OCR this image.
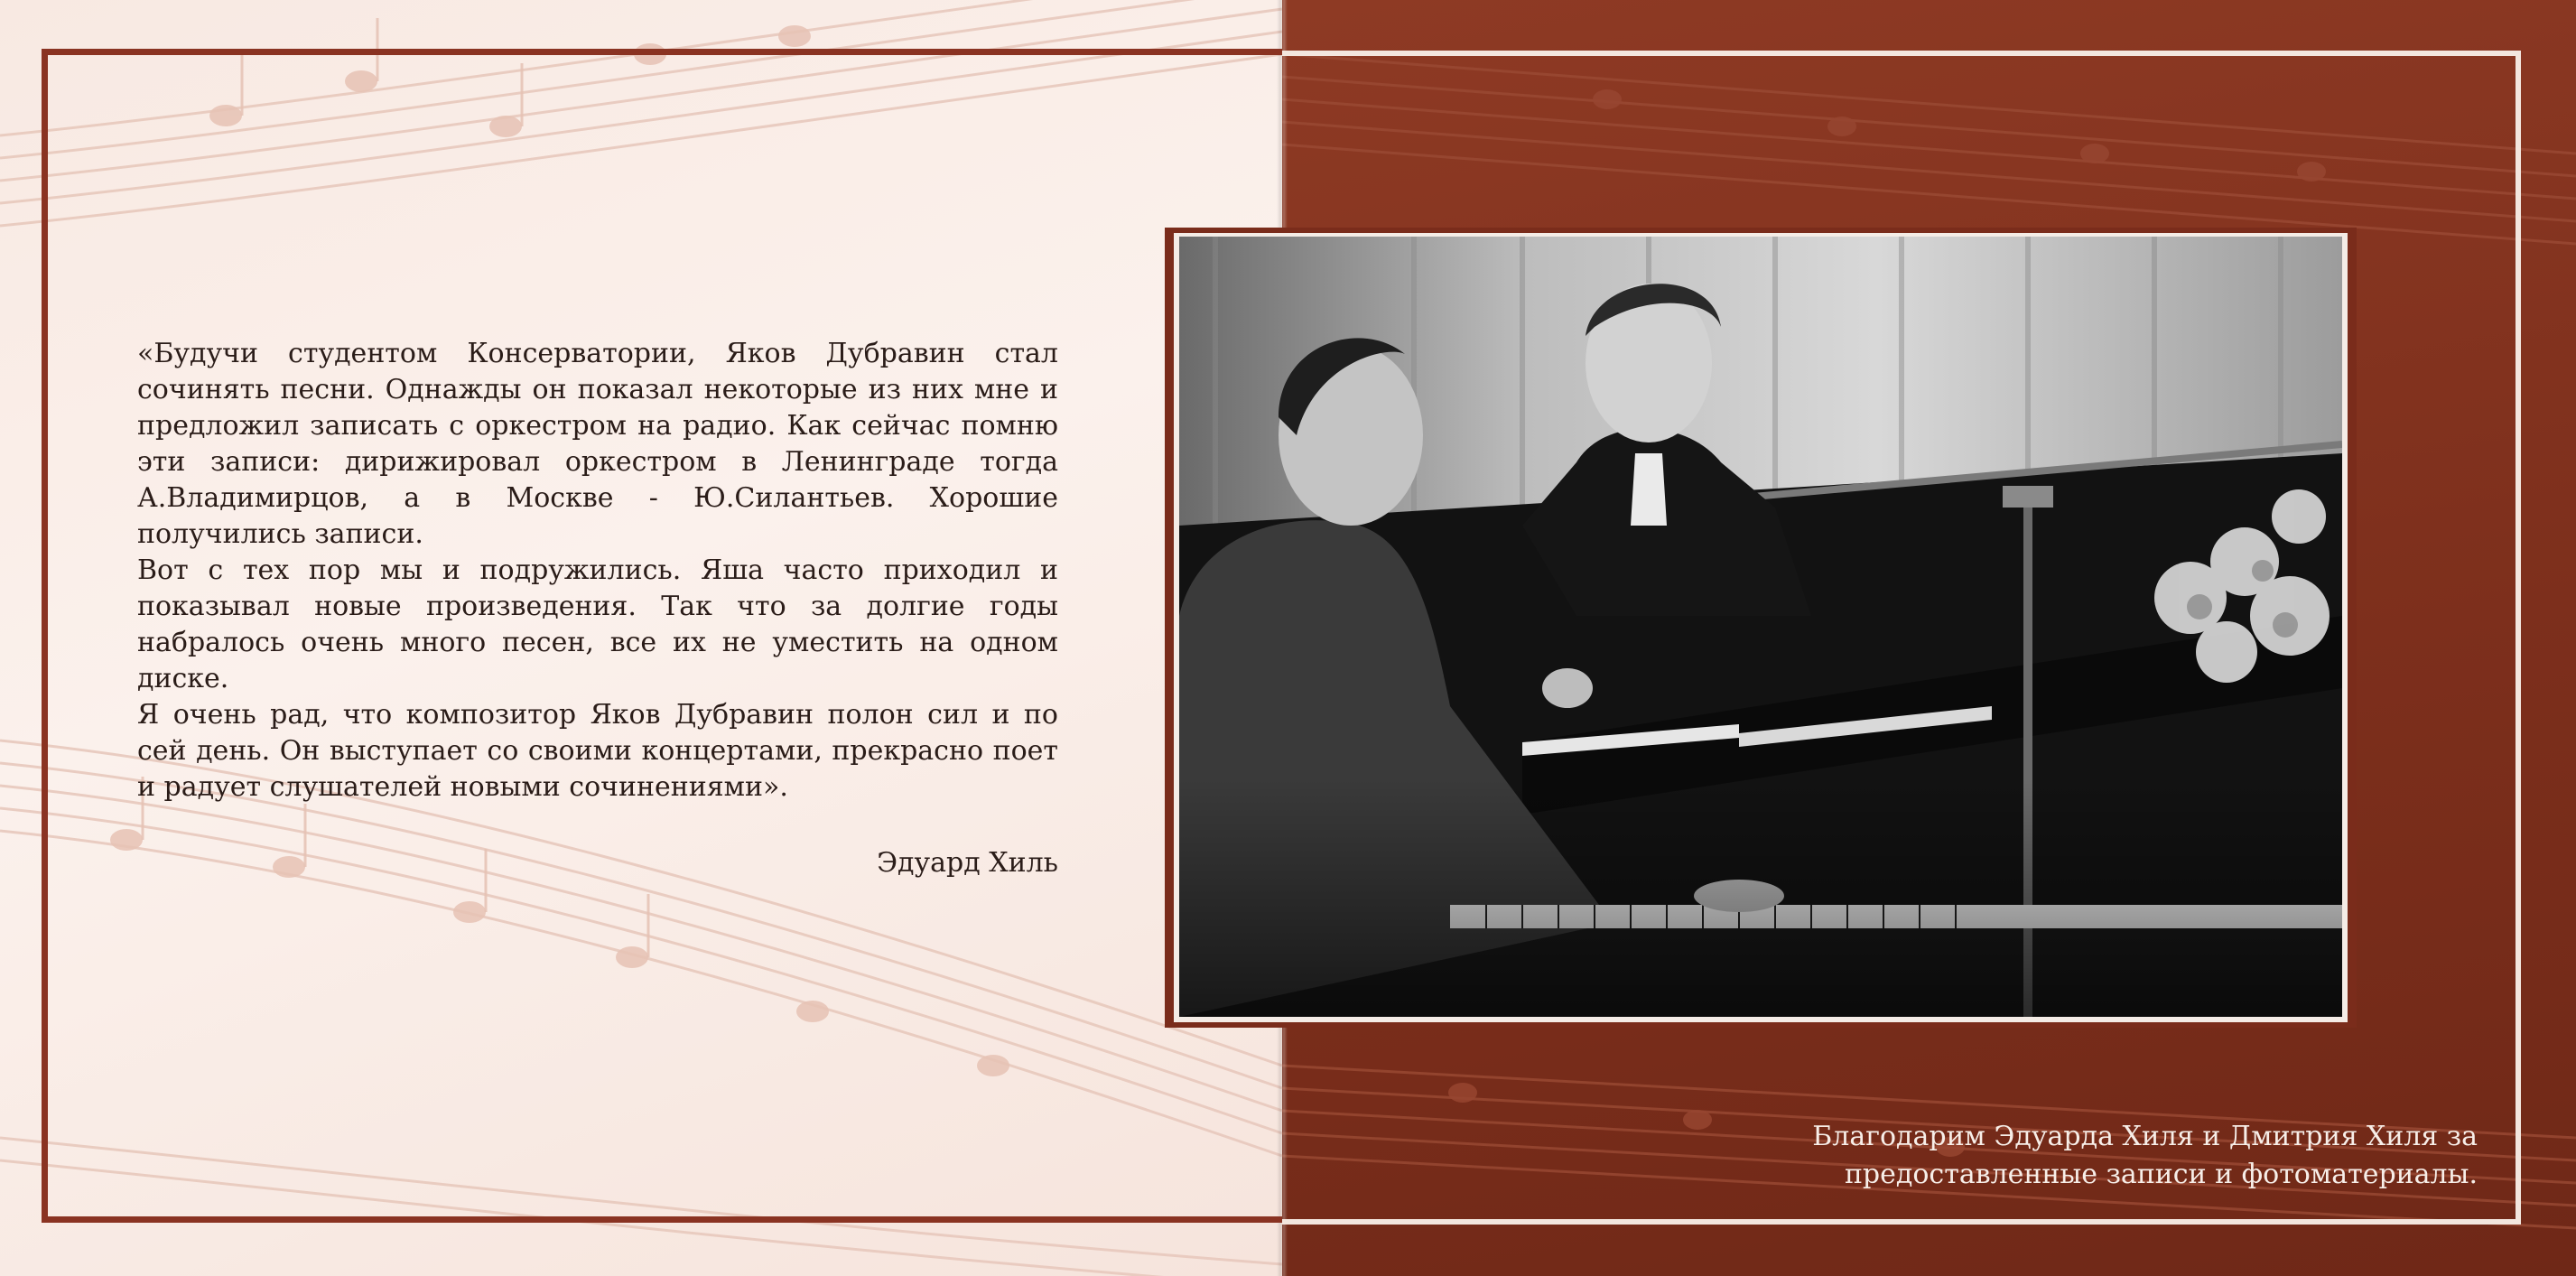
«Будучи студентом Консерватории, Яков Дубравин стал сочинять песни. Однажды он показал некоторые из них мне и предложил записать с оркестром на радио. Как сейчас помню эти записи: дирижировал оркестром в Ленинграде тогда А.Владимирцов, а в Москве - Ю.Силантьев. Хорошие получились записи.

Вот с тех пор мы и подружились. Яша часто приходил и показывал новые произведения. Так что за долгие годы набралось очень много песен, все их не уместить на одном диске.

Я очень рад, что композитор Яков Дубравин полон сил и по сей день. Он выступает со своими концертами, прекрасно поет и радует слушателей новыми сочинениями».

Эдуард Хиль
Благодарим Эдуарда Хиля и Дмитрия Хиля за
предоставленные записи и фотоматериалы.
